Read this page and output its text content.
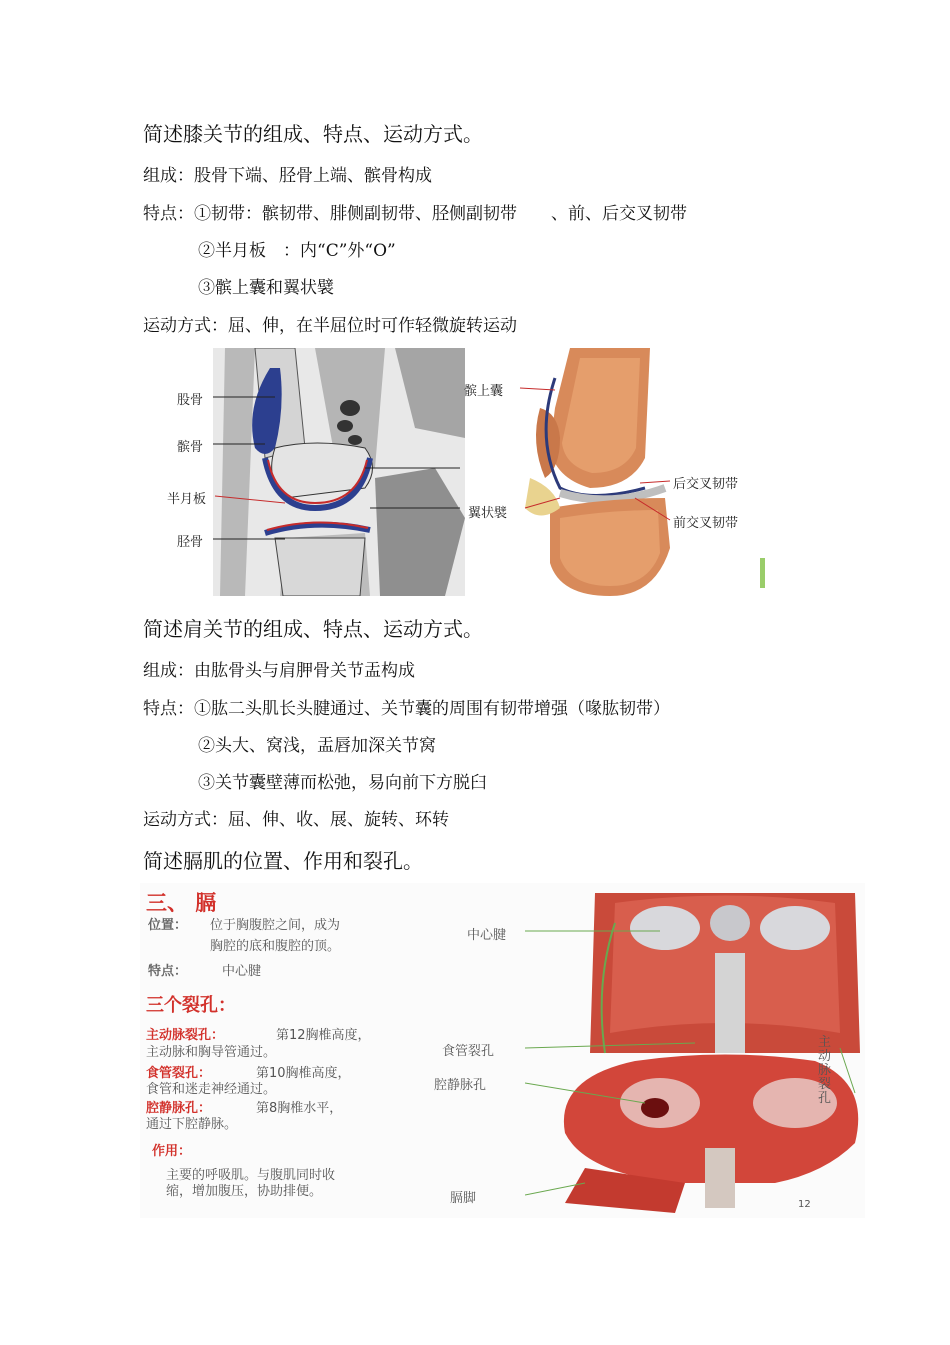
简述膝关节的组成、特点、运动方式。
组成：股骨下端、胫骨上端、髌骨构成
特点：①韧带：髌韧带、腓侧副韧带、胫侧副韧带　　、前、后交叉韧带
②半月板　：内“C”外“O”
③髌上囊和翼状襞
运动方式：屈、伸，在半屈位时可作轻微旋转运动
股骨
髌骨
半月板
胫骨
髌上囊
翼状襞
后交叉韧带
前交叉韧带
简述肩关节的组成、特点、运动方式。
组成：由肱骨头与肩胛骨关节盂构成
特点：①肱二头肌长头腱通过、关节囊的周围有韧带增强（喙肱韧带）
②头大、窝浅，盂唇加深关节窝
③关节囊壁薄而松弛，易向前下方脱臼
运动方式：屈、伸、收、展、旋转、环转
简述膈肌的位置、作用和裂孔。
三、 膈
位置： 位于胸腹腔之间，成为
胸腔的底和腹腔的顶。
特点：	中心腱
三个裂孔：
主动脉裂孔：	第12胸椎高度，
主动脉和胸导管通过。
食管裂孔：	第10胸椎高度，
食管和迷走神经通过。
腔静脉孔：	第8胸椎水平，
通过下腔静脉。
作用：
主要的呼吸肌。与腹肌同时收
缩，增加腹压，协助排便。
中心腱
食管裂孔
腔静脉孔
膈脚
主动脉裂孔
12
